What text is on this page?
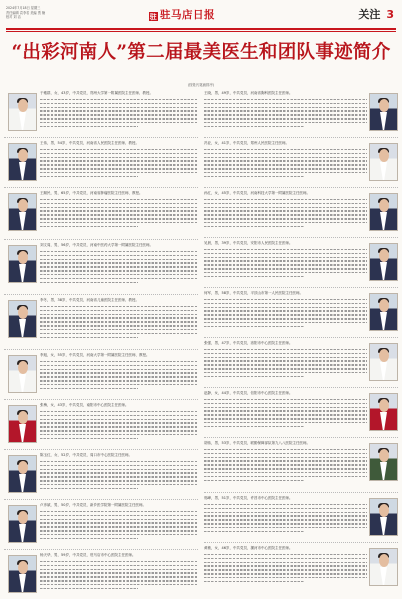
2024年7月18日 星期三
责任编辑 袁李若 美编 贾 楠
校对 刘 洁	驻 驻马店日报	关注 3
“出彩河南人”第二届最美医生和团队事迹简介
(按姓氏笔画排序)

于雅群，女，43岁，中共党员，郑州大学第一附属医院主任医师、教授。

王伟，男，54岁，中共党员，河南省人民医院主任医师、教授。

王顺民，男，65岁，中共党员，河南省肿瘤医院主任医师、教授。

刘文周，男，56岁，中共党员，河南中医药大学第一附属医院主任医师。

李冬，男，38岁，中共党员，河南省儿童医院主任医师、教授。

李旭，女，55岁，中共党员，河南大学第一附属医院主任医师、教授。

张梅，女，43岁，中共党员，南阳市中心医院主任医师。

陈玉红，女，52岁，中共党员，周口市中心医院主任医师。

卢彦斌，男，50岁，中共党员，新乡医学院第一附属医院主任医师。

杨天华，男，59岁，中共党员，驻马店市中心医院主任医师。

王晓，男，49岁，中共党员，河南省胸科医院主任医师。

冯亚，女，41岁，中共党员，郑州人民医院主任医师。

孙红，女，45岁，中共党员，河南科技大学第一附属医院主任医师。

吴晨，男，39岁，中共党员，安阳市人民医院主任医师。

何军，男，58岁，中共党员，平顶山市第一人民医院主任医师。

张强，男，47岁，中共党员，洛阳市中心医院主任医师。

赵静，女，44岁，中共党员，信阳市中心医院主任医师。

胡伟，男，53岁，中共党员，联勤保障部队第九八八医院主任医师。

郭峰，男，51岁，中共党员，许昌市中心医院主任医师。

黄敏，女，46岁，中共党员，漯河市中心医院主任医师。
